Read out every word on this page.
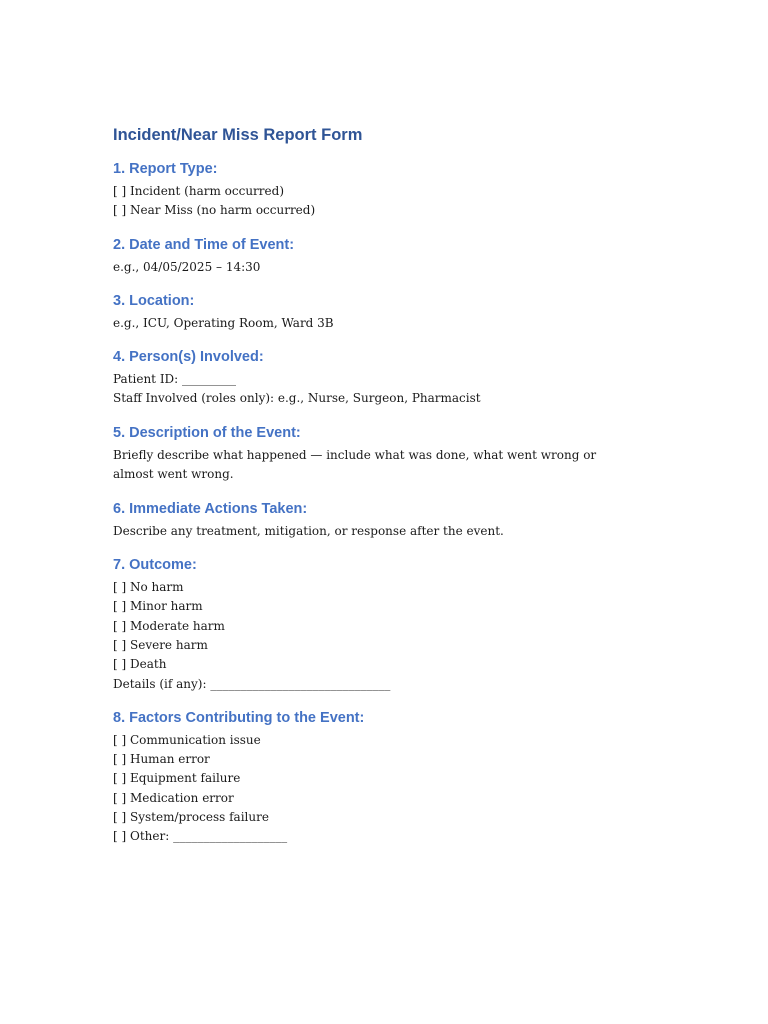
Incident/Near Miss Report Form
1. Report Type:

[ ] Incident (harm occurred)

[ ] Near Miss (no harm occurred)

2. Date and Time of Event:

e.g., 04/05/2025 – 14:30

3. Location:

e.g., ICU, Operating Room, Ward 3B

4. Person(s) Involved:

Patient ID: _________

Staff Involved (roles only): e.g., Nurse, Surgeon, Pharmacist

5. Description of the Event:

Briefly describe what happened — include what was done, what went wrong or almost went wrong.

6. Immediate Actions Taken:

Describe any treatment, mitigation, or response after the event.

7. Outcome:

[ ] No harm

[ ] Minor harm

[ ] Moderate harm

[ ] Severe harm

[ ] Death

Details (if any): ______________________________

8. Factors Contributing to the Event:

[ ] Communication issue

[ ] Human error

[ ] Equipment failure

[ ] Medication error

[ ] System/process failure

[ ] Other: ___________________
